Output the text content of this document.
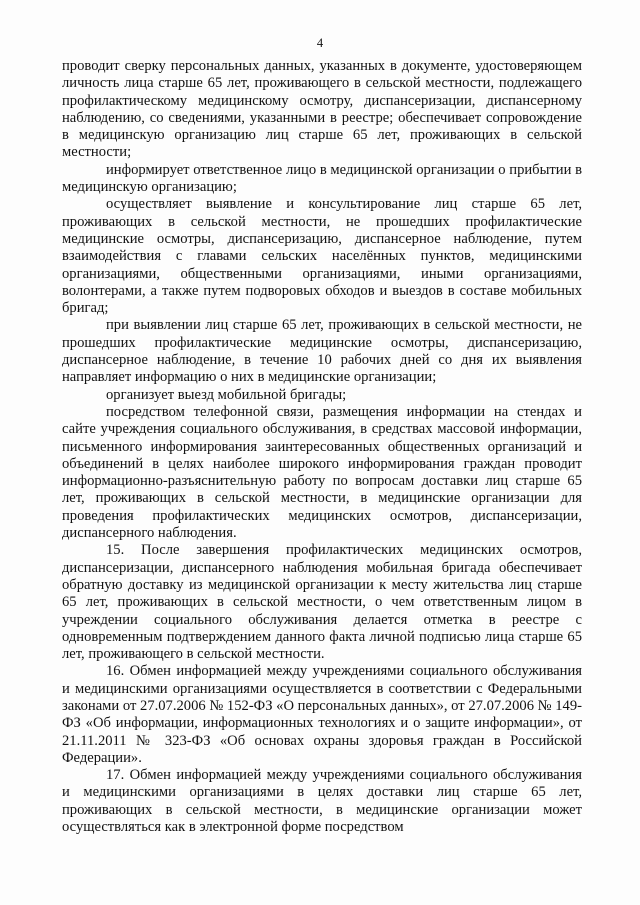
4

проводит сверку персональных данных, указанных в документе, удостоверяющем личность лица старше 65 лет, проживающего в сельской местности, подлежащего профилактическому медицинскому осмотру, диспансеризации, диспансерному наблюдению, со сведениями, указанными в реестре; обеспечивает сопровождение в медицинскую организацию лиц старше 65 лет, проживающих в сельской местности;

информирует ответственное лицо в медицинской организации о прибытии в медицинскую организацию;

осуществляет выявление и консультирование лиц старше 65 лет, проживающих в сельской местности, не прошедших профилактические медицинские осмотры, диспансеризацию, диспансерное наблюдение, путем взаимодействия с главами сельских населённых пунктов, медицинскими организациями, общественными организациями, иными организациями, волонтерами, а также путем подворовых обходов и выездов в составе мобильных бригад;

при выявлении лиц старше 65 лет, проживающих в сельской местности, не прошедших профилактические медицинские осмотры, диспансеризацию, диспансерное наблюдение, в течение 10 рабочих дней со дня их выявления направляет информацию о них в медицинские организации;

организует выезд мобильной бригады;

посредством телефонной связи, размещения информации на стендах и сайте учреждения социального обслуживания, в средствах массовой информации, письменного информирования заинтересованных общественных организаций и объединений в целях наиболее широкого информирования граждан проводит информационно-разъяснительную работу по вопросам доставки лиц старше 65 лет, проживающих в сельской местности, в медицинские организации для проведения профилактических медицинских осмотров, диспансеризации, диспансерного наблюдения.

15. После завершения профилактических медицинских осмотров, диспансеризации, диспансерного наблюдения мобильная бригада обеспечивает обратную доставку из медицинской организации к месту жительства лиц старше 65 лет, проживающих в сельской местности, о чем ответственным лицом в учреждении социального обслуживания делается отметка в реестре с одновременным подтверждением данного факта личной подписью лица старше 65 лет, проживающего в сельской местности.

16. Обмен информацией между учреждениями социального обслуживания и медицинскими организациями осуществляется в соответствии с Федеральными законами от 27.07.2006 № 152-ФЗ «О персональных данных», от 27.07.2006 № 149-ФЗ «Об информации, информационных технологиях и о защите информации», от 21.11.2011 № 323-ФЗ «Об основах охраны здоровья граждан в Российской Федерации».

17. Обмен информацией между учреждениями социального обслуживания и медицинскими организациями в целях доставки лиц старше 65 лет, проживающих в сельской местности, в медицинские организации может осуществляться как в электронной форме посредством
